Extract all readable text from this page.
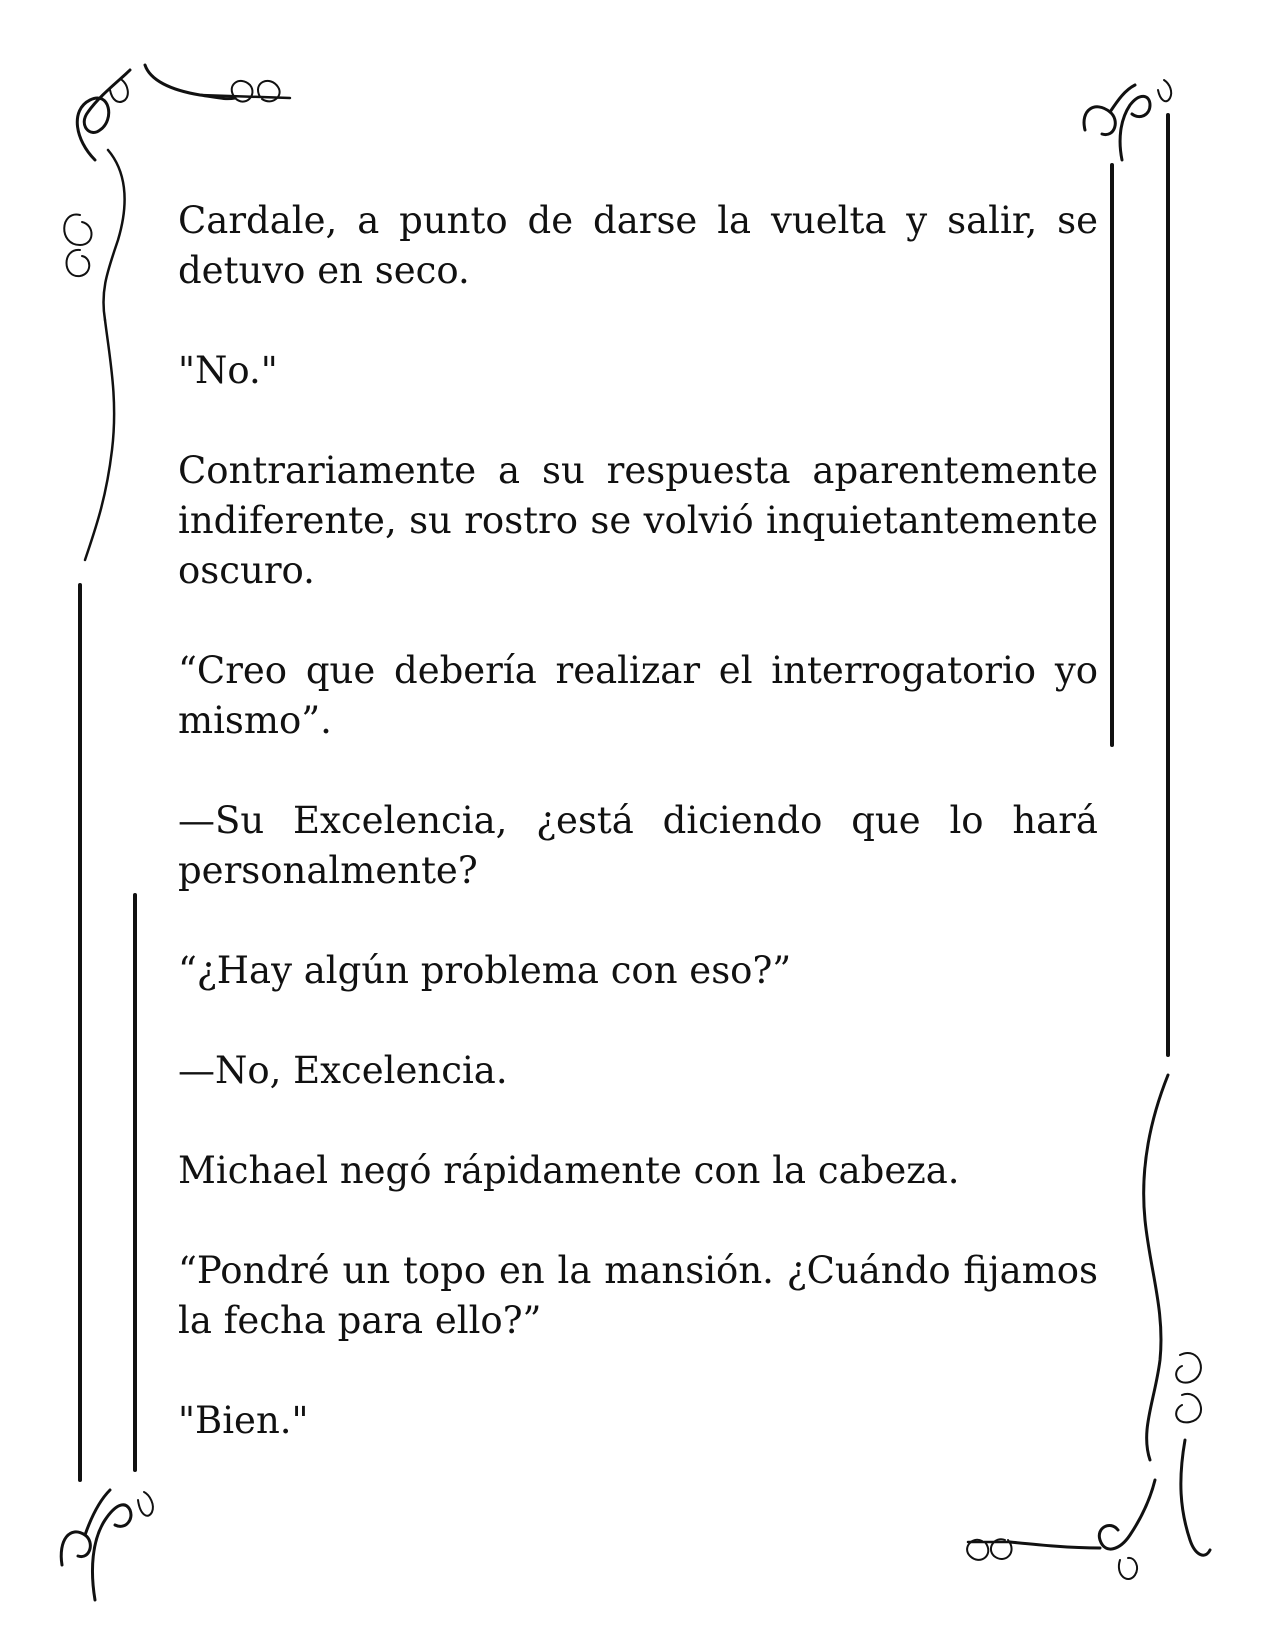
Cardale, a punto de darse la vuelta y salir, se detuvo en seco.

"No."

Contrariamente a su respuesta aparentemente indiferente, su rostro se volvió inquietantemente oscuro.

“Creo que debería realizar el interrogatorio yo mismo”.

—Su Excelencia, ¿está diciendo que lo hará personalmente?

“¿Hay algún problema con eso?”

—No, Excelencia.

Michael negó rápidamente con la cabeza.

“Pondré un topo en la mansión. ¿Cuándo fijamos la fecha para ello?”

"Bien."
